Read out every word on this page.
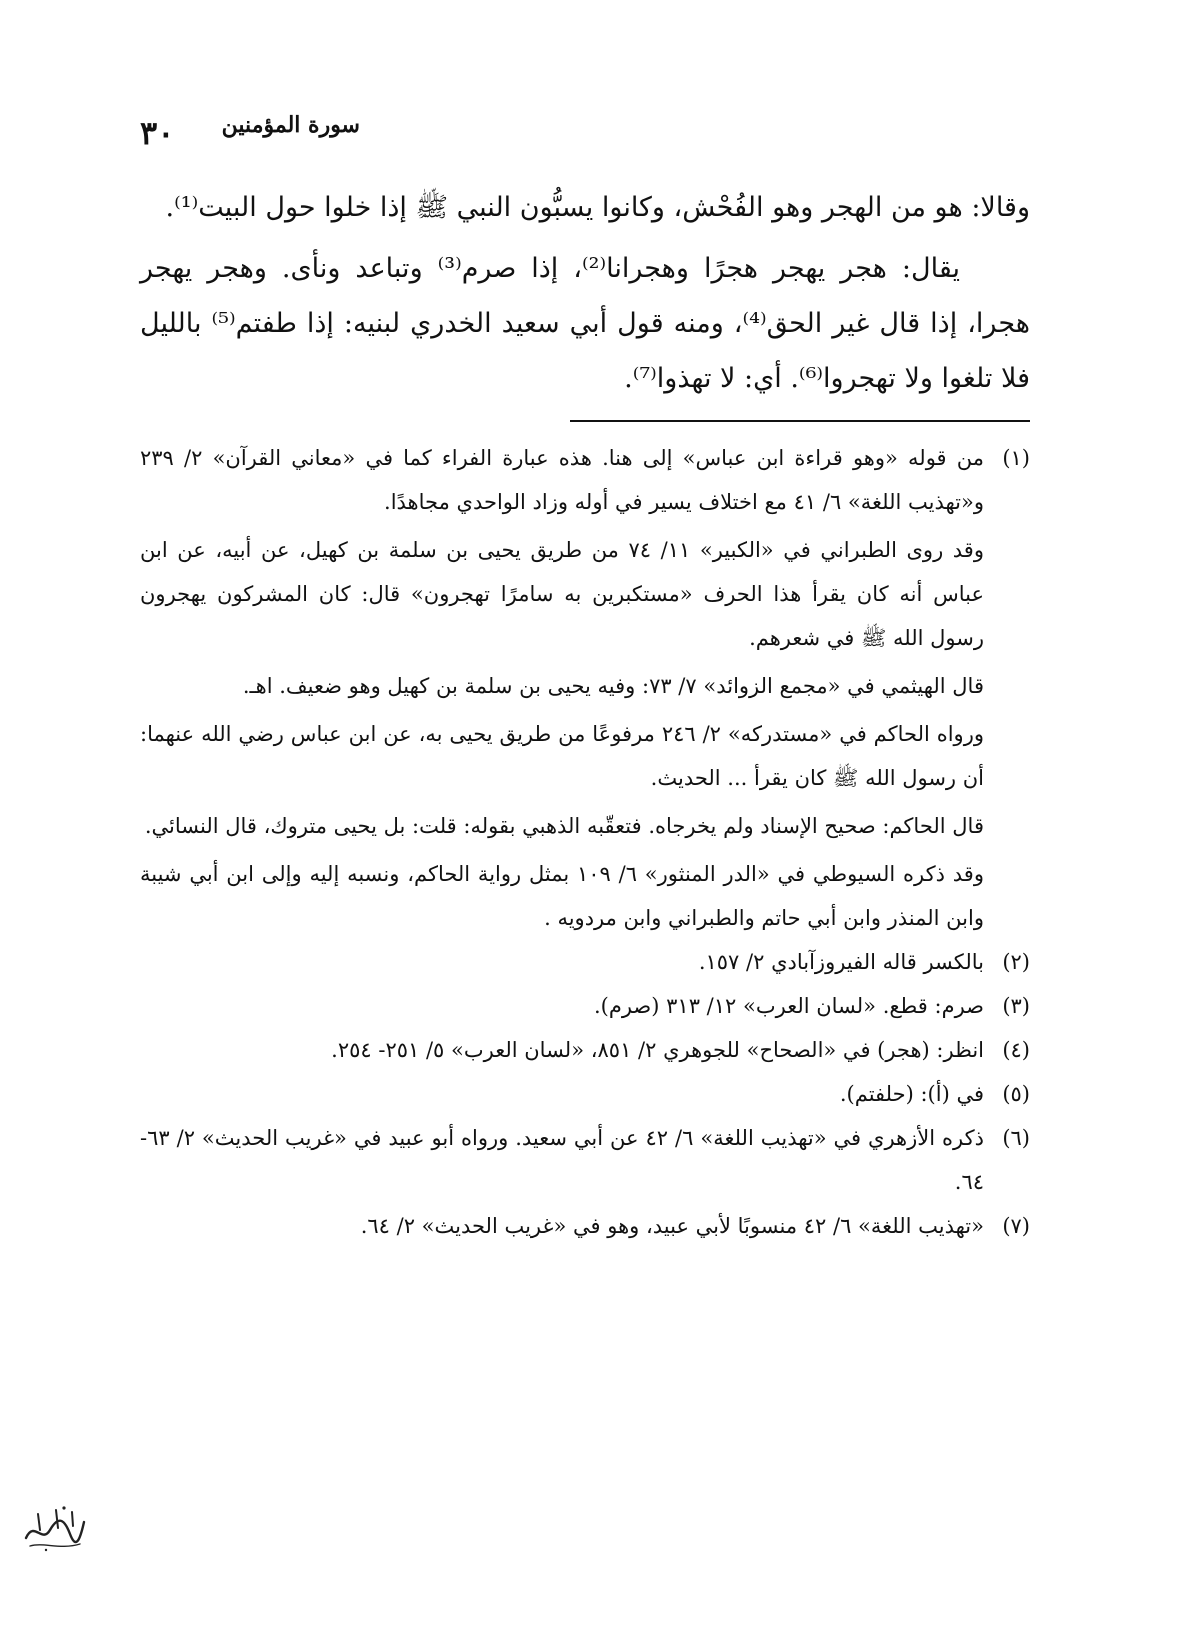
سورة المؤمنين
٣٠

وقالا: هو من الهجر وهو الفُحْش، وكانوا يسبُّون النبي ﷺ إذا خلوا حول البيت⁽¹⁾.

يقال: هجر يهجر هجرًا وهجرانا⁽²⁾، إذا صرم⁽³⁾ وتباعد ونأى. وهجر يهجر هجرا، إذا قال غير الحق⁽⁴⁾، ومنه قول أبي سعيد الخدري لبنيه: إذا طفتم⁽⁵⁾ بالليل فلا تلغوا ولا تهجروا⁽⁶⁾. أي: لا تهذوا⁽⁷⁾.

(١)

من قوله «وهو قراءة ابن عباس» إلى هنا. هذه عبارة الفراء كما في «معاني القرآن» ٢/ ٢٣٩ و«تهذيب اللغة» ٦/ ٤١ مع اختلاف يسير في أوله وزاد الواحدي مجاهدًا.

وقد روى الطبراني في «الكبير» ١١/ ٧٤ من طريق يحيى بن سلمة بن كهيل، عن أبيه، عن ابن عباس أنه كان يقرأ هذا الحرف «مستكبرين به سامرًا تهجرون» قال: كان المشركون يهجرون رسول الله ﷺ في شعرهم.

قال الهيثمي في «مجمع الزوائد» ٧/ ٧٣: وفيه يحيى بن سلمة بن كهيل وهو ضعيف. اهـ.

ورواه الحاكم في «مستدركه» ٢/ ٢٤٦ مرفوعًا من طريق يحيى به، عن ابن عباس رضي الله عنهما: أن رسول الله ﷺ كان يقرأ ... الحديث.

قال الحاكم: صحيح الإسناد ولم يخرجاه. فتعقّبه الذهبي بقوله: قلت: بل يحيى متروك، قال النسائي.

وقد ذكره السيوطي في «الدر المنثور» ٦/ ١٠٩ بمثل رواية الحاكم، ونسبه إليه وإلى ابن أبي شيبة وابن المنذر وابن أبي حاتم والطبراني وابن مردويه .

(٢)

بالكسر قاله الفيروزآبادي ٢/ ١٥٧.

(٣)

صرم: قطع. «لسان العرب» ١٢/ ٣١٣ (صرم).

(٤)

انظر: (هجر) في «الصحاح» للجوهري ٢/ ٨٥١، «لسان العرب» ٥/ ٢٥١- ٢٥٤.

(٥)

في (أ): (حلفتم).

(٦)

ذكره الأزهري في «تهذيب اللغة» ٦/ ٤٢ عن أبي سعيد. ورواه أبو عبيد في «غريب الحديث» ٢/ ٦٣- ٦٤.

(٧)

«تهذيب اللغة» ٦/ ٤٢ منسوبًا لأبي عبيد، وهو في «غريب الحديث» ٢/ ٦٤.
